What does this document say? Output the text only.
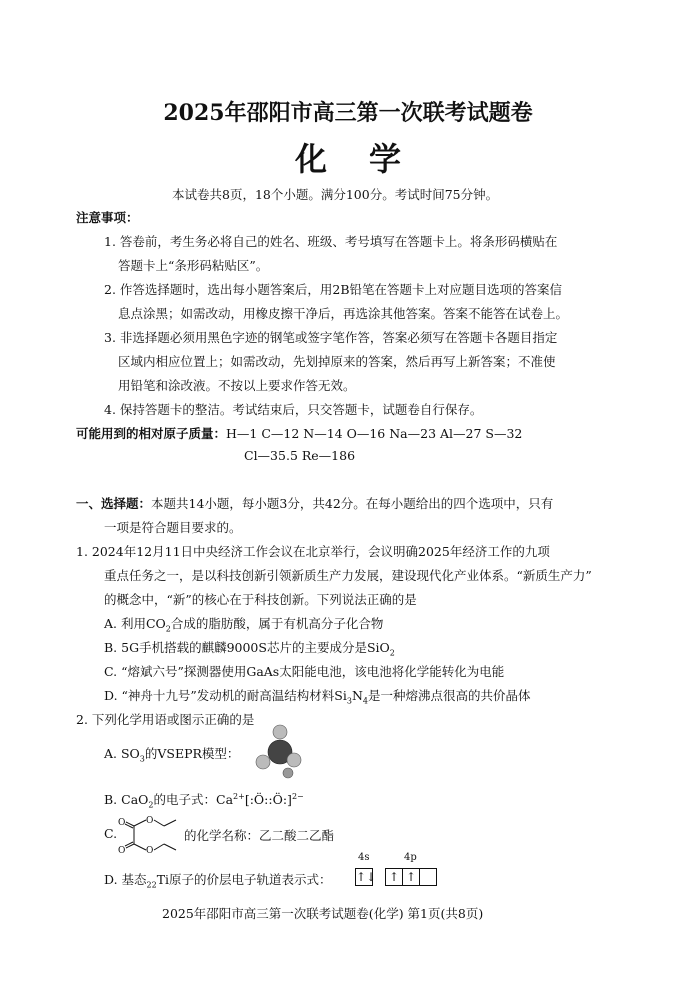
2025年邵阳市高三第一次联考试题卷
化学
本试卷共8页，18个小题。满分100分。考试时间75分钟。
注意事项：
1. 答卷前，考生务必将自己的姓名、班级、考号填写在答题卡上。将条形码横贴在
答题卡上“条形码粘贴区”。
2. 作答选择题时，选出每小题答案后，用2B铅笔在答题卡上对应题目选项的答案信
息点涂黑；如需改动，用橡皮擦干净后，再选涂其他答案。答案不能答在试卷上。
3. 非选择题必须用黑色字迹的钢笔或签字笔作答，答案必须写在答题卡各题目指定
区域内相应位置上；如需改动，先划掉原来的答案，然后再写上新答案；不准使
用铅笔和涂改液。不按以上要求作答无效。
4. 保持答题卡的整洁。考试结束后，只交答题卡，试题卷自行保存。
可能用到的相对原子质量：H—1 C—12 N—14 O—16 Na—23 Al—27 S—32
Cl—35.5 Re—186
一、选择题：本题共14小题，每小题3分，共42分。在每小题给出的四个选项中，只有
一项是符合题目要求的。
1. 2024年12月11日中央经济工作会议在北京举行，会议明确2025年经济工作的九项
重点任务之一，是以科技创新引领新质生产力发展，建设现代化产业体系。“新质生产力”
的概念中，“新”的核心在于科技创新。下列说法正确的是
A. 利用$CO_2$合成的脂肪酸，属于有机高分子化合物
B. 5G手机搭载的麒麟9000S芯片的主要成分是SiO$_2$
C. “熔斌六号”探测器使用GaAs太阳能电池，该电池将化学能转化为电能
D. “神舟十九号”发动机的耐高温结构材料$Si_3N_4$是一种熔沸点很高的共价晶体
2. 下列化学用语或图示正确的是
A. $SO_3$的VSEPR模型：
B. CaO$_2$的电子式：$Ca^{2+}[:Ö::Ö:]^{2-}$
C.
O
O
O
O
的化学名称：乙二酸二乙酯
D. 基态$_{22}$Ti原子的价层电子轨道表示式：
4s	4p
↑↓ ↑ ↑
2025年邵阳市高三第一次联考试题卷(化学) 第1页(共8页)
